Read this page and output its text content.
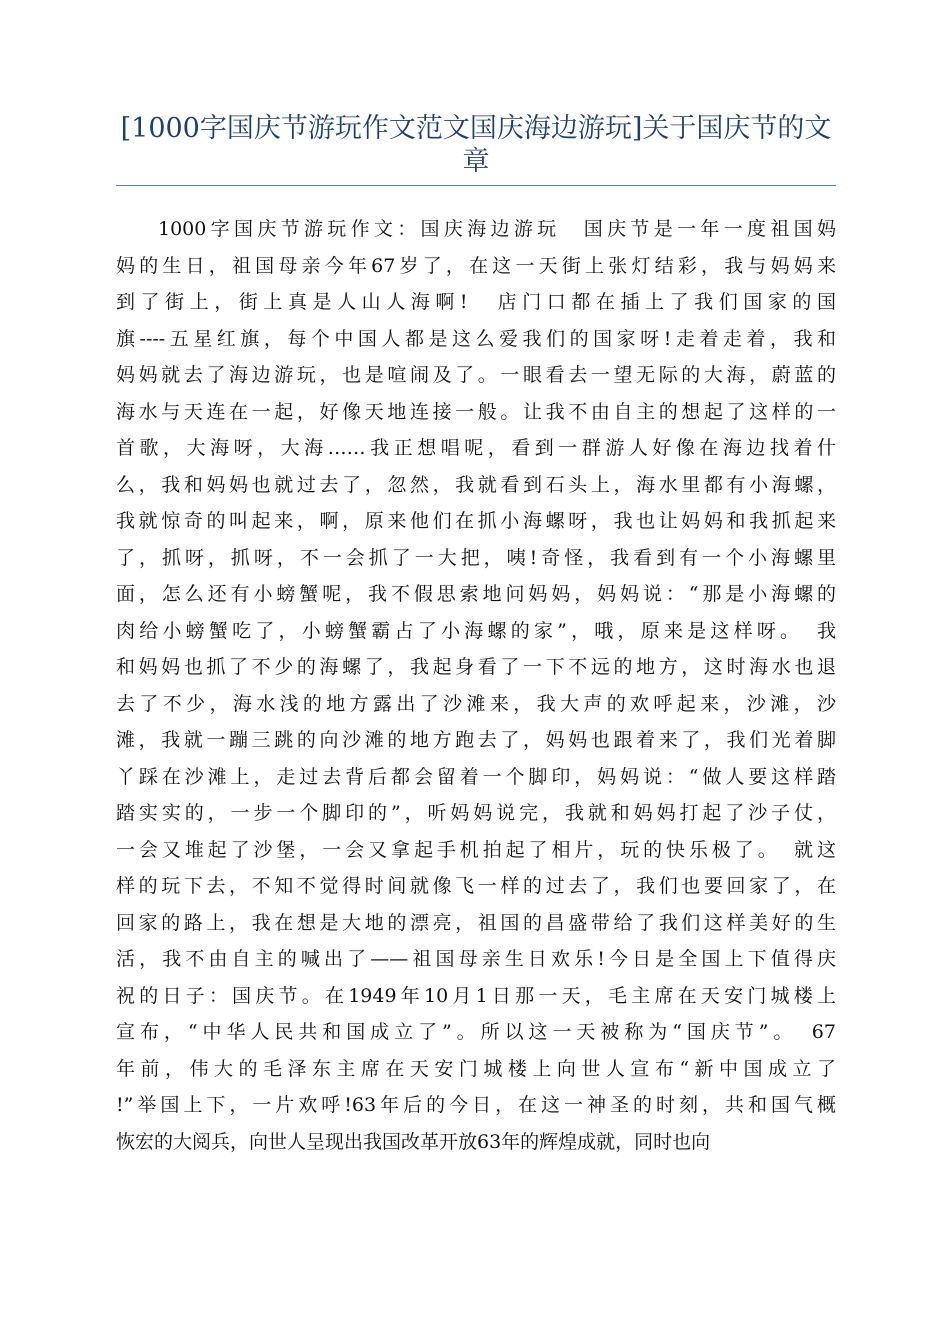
[1000字国庆节游玩作文范文国庆海边游玩]关于国庆节的文章
1000字国庆节游玩作文：国庆海边游玩　国庆节是一年一度祖国妈
妈的生日，祖国母亲今年67岁了，在这一天街上张灯结彩，我与妈妈来
到了街上，街上真是人山人海啊!　店门口都在插上了我们国家的国
旗----五星红旗，每个中国人都是这么爱我们的国家呀!走着走着，我和
妈妈就去了海边游玩，也是喧闹及了。一眼看去一望无际的大海，蔚蓝的
海水与天连在一起，好像天地连接一般。让我不由自主的想起了这样的一
首歌，大海呀，大海……我正想唱呢，看到一群游人好像在海边找着什
么，我和妈妈也就过去了，忽然，我就看到石头上，海水里都有小海螺，
我就惊奇的叫起来，啊，原来他们在抓小海螺呀，我也让妈妈和我抓起来
了，抓呀，抓呀，不一会抓了一大把，咦!奇怪，我看到有一个小海螺里
面，怎么还有小螃蟹呢，我不假思索地问妈妈，妈妈说：“那是小海螺的
肉给小螃蟹吃了，小螃蟹霸占了小海螺的家”，哦，原来是这样呀。　我
和妈妈也抓了不少的海螺了，我起身看了一下不远的地方，这时海水也退
去了不少，海水浅的地方露出了沙滩来，我大声的欢呼起来，沙滩，沙
滩，我就一蹦三跳的向沙滩的地方跑去了，妈妈也跟着来了，我们光着脚
丫踩在沙滩上，走过去背后都会留着一个脚印，妈妈说：“做人要这样踏
踏实实的，一步一个脚印的”，听妈妈说完，我就和妈妈打起了沙子仗，
一会又堆起了沙堡，一会又拿起手机拍起了相片，玩的快乐极了。　就这
样的玩下去，不知不觉得时间就像飞一样的过去了，我们也要回家了，在
回家的路上，我在想是大地的漂亮，祖国的昌盛带给了我们这样美好的生
活，我不由自主的喊出了——祖国母亲生日欢乐!今日是全国上下值得庆
祝的日子：国庆节。在1949年10月1日那一天，毛主席在天安门城楼上
宣布，“中华人民共和国成立了”。所以这一天被称为“国庆节”。　67
年前，伟大的毛泽东主席在天安门城楼上向世人宣布“新中国成立了
!”举国上下，一片欢呼!63年后的今日，在这一神圣的时刻，共和国气概
恢宏的大阅兵，向世人呈现出我国改革开放63年的辉煌成就，同时也向
